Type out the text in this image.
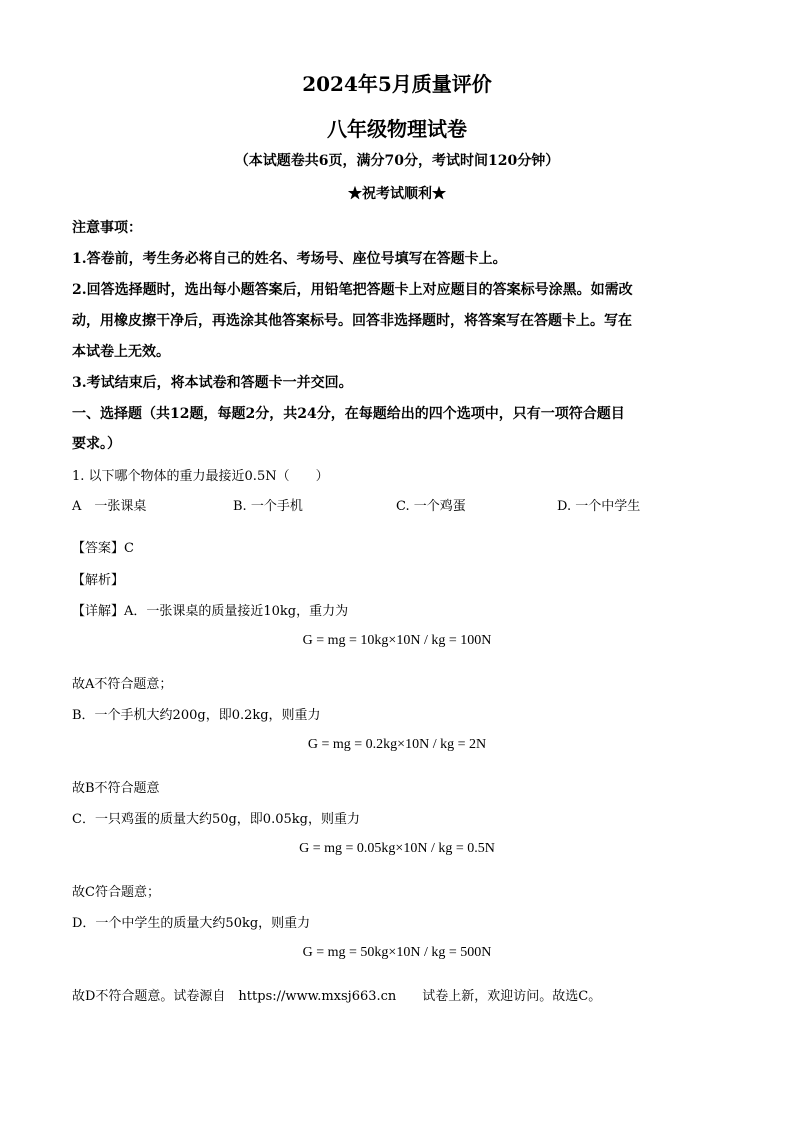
2024年5月质量评价
八年级物理试卷
（本试题卷共6页，满分70分，考试时间120分钟）
★祝考试顺利★
注意事项：
1.答卷前，考生务必将自己的姓名、考场号、座位号填写在答题卡上。
2.回答选择题时，选出每小题答案后，用铅笔把答题卡上对应题目的答案标号涂黑。如需改
动，用橡皮擦干净后，再选涂其他答案标号。回答非选择题时，将答案写在答题卡上。写在
本试卷上无效。
3.考试结束后，将本试卷和答题卡一并交回。
一、选择题（共12题，每题2分，共24分，在每题给出的四个选项中，只有一项符合题目
要求。）
1. 以下哪个物体的重力最接近0.5N（　　）
A　一张课桌	B. 一个手机	C. 一个鸡蛋	D. 一个中学生
【答案】C
【解析】
【详解】A．一张课桌的质量接近10kg，重力为
G = mg = 10kg×10N / kg = 100N
故A不符合题意；
B．一个手机大约200g，即0.2kg，则重力
G = mg = 0.2kg×10N / kg = 2N
故B不符合题意
C．一只鸡蛋的质量大约50g，即0.05kg，则重力
G = mg = 0.05kg×10N / kg = 0.5N
故C符合题意；
D．一个中学生的质量大约50kg，则重力
G = mg = 50kg×10N / kg = 500N
故D不符合题意。试卷源自　https://www.mxsj663.cn　　试卷上新，欢迎访问。故选C。
